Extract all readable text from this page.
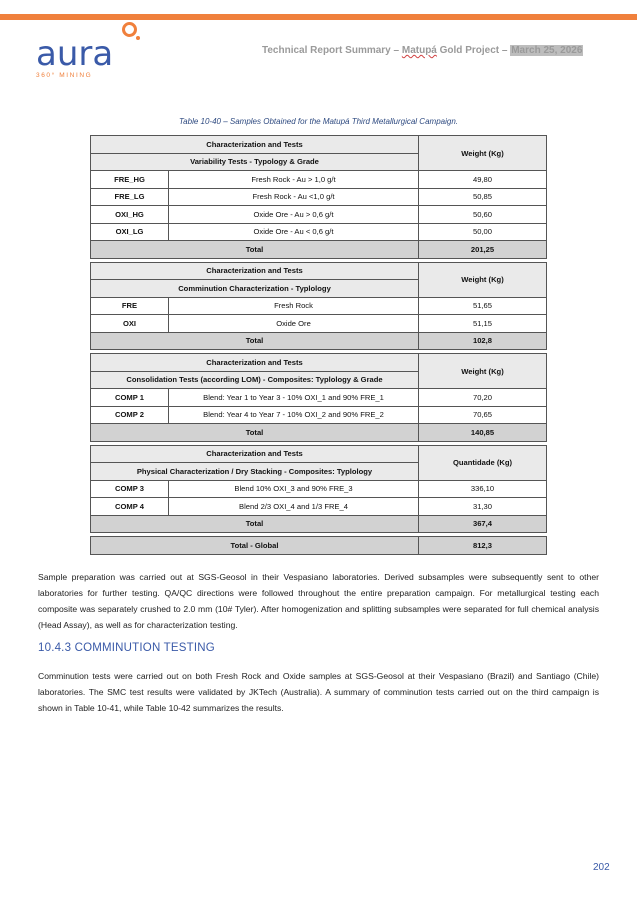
aura
360° MINING
Technical Report Summary – Matupá Gold Project – March 25, 2026
Table 10-40 – Samples Obtained for the Matupá Third Metallurgical Campaign.
Characterization and Tests		Weight (Kg)
Variability Tests - Typology & Grade		
FRE_HG	Fresh Rock - Au > 1,0 g/t	49,80
FRE_LG	Fresh Rock - Au <1,0 g/t	50,85
OXI_HG	Oxide Ore - Au > 0,6 g/t	50,60
OXI_LG	Oxide Ore - Au < 0,6 g/t	50,00
Total		201,25

Characterization and Tests		Weight (Kg)
Comminution Characterization - Typlology		
FRE	Fresh Rock	51,65
OXI	Oxide Ore	51,15
Total		102,8

Characterization and Tests		Weight (Kg)
Consolidation Tests (according LOM) - Composites: Typlology & Grade		
COMP 1	Blend: Year 1 to Year 3 - 10% OXI_1 and 90% FRE_1	70,20
COMP 2	Blend: Year 4 to Year 7 - 10% OXI_2 and 90% FRE_2	70,65
Total		140,85

Characterization and Tests		Quantidade (Kg)
Physical Characterization / Dry Stacking - Composites: Typlology		
COMP 3	Blend 10% OXI_3 and 90% FRE_3	336,10
COMP 4	Blend 2/3 OXI_4 and 1/3 FRE_4	31,30
Total		367,4

Total - Global		812,3
Sample preparation was carried out at SGS-Geosol in their Vespasiano laboratories. Derived subsamples were subsequently sent to other laboratories for further testing. QA/QC directions were followed throughout the entire preparation campaign. For metallurgical testing each composite was separately crushed to 2.0 mm (10# Tyler). After homogenization and splitting subsamples were separated for full chemical analysis (Head Assay), as well as for characterization testing.
10.4.3 COMMINUTION TESTING
Comminution tests were carried out on both Fresh Rock and Oxide samples at SGS-Geosol at their Vespasiano (Brazil) and Santiago (Chile) laboratories. The SMC test results were validated by JKTech (Australia). A summary of comminution tests carried out on the third campaign is shown in Table 10-41, while Table 10-42 summarizes the results.
202
